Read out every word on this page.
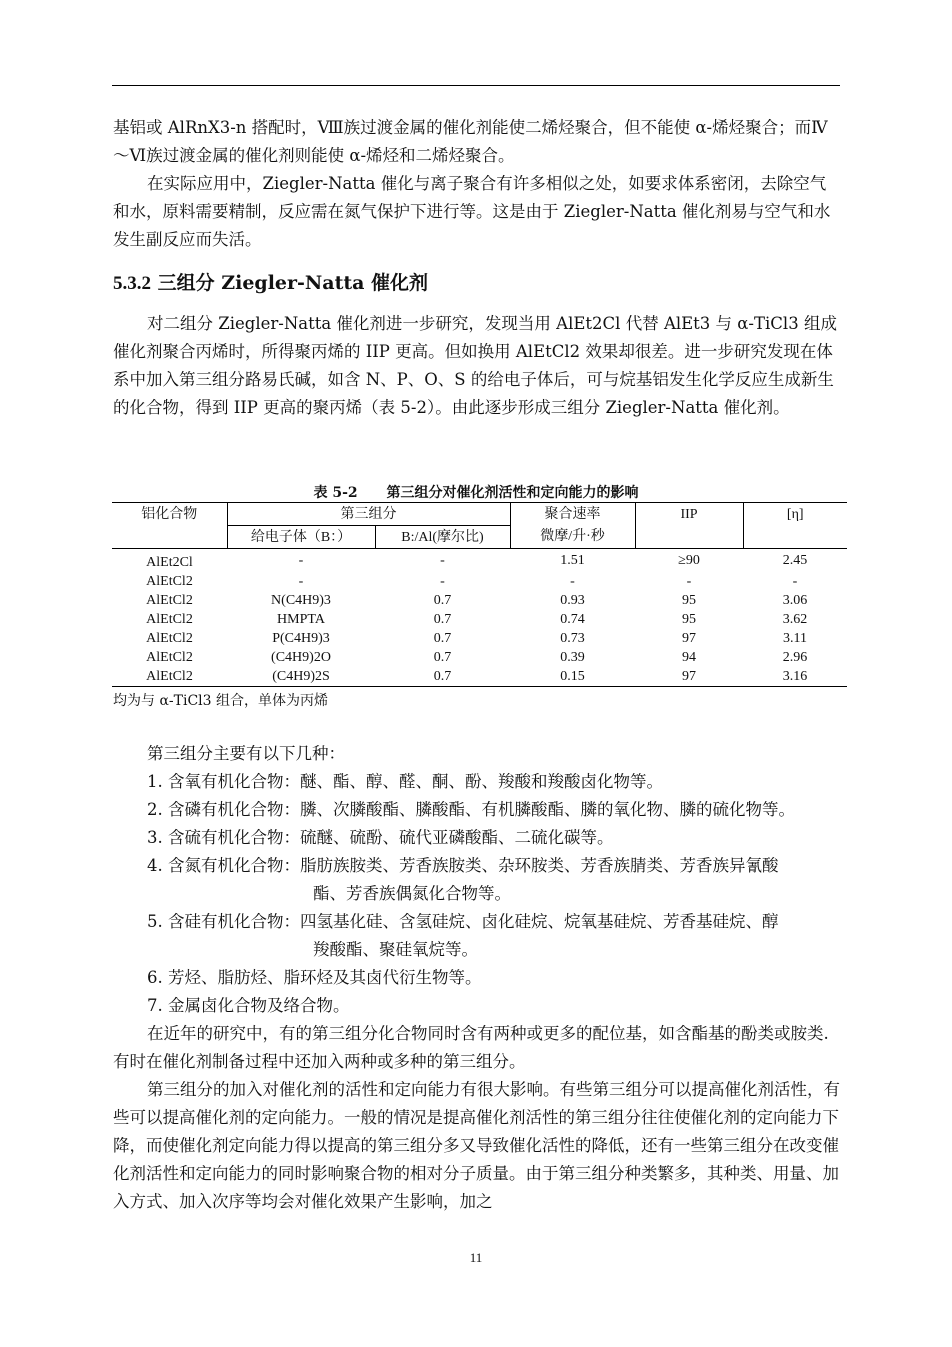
基铝或 AlRnX3-n 搭配时，Ⅷ族过渡金属的催化剂能使二烯烃聚合，但不能使 α-烯烃聚合；而Ⅳ～Ⅵ族过渡金属的催化剂则能使 α-烯烃和二烯烃聚合。

在实际应用中，Ziegler-Natta 催化与离子聚合有许多相似之处，如要求体系密闭，去除空气和水，原料需要精制，反应需在氮气保护下进行等。这是由于 Ziegler-Natta 催化剂易与空气和水发生副反应而失活。

5.3.2 三组分 Ziegler-Natta 催化剂

对二组分 Ziegler-Natta 催化剂进一步研究，发现当用 AlEt2Cl 代替 AlEt3 与 α-TiCl3 组成催化剂聚合丙烯时，所得聚丙烯的 IIP 更高。但如换用 AlEtCl2 效果却很差。进一步研究发现在体系中加入第三组分路易氏碱，如含 N、P、O、S 的给电子体后，可与烷基铝发生化学反应生成新生的化合物，得到 IIP 更高的聚丙烯（表 5-2）。由此逐步形成三组分 Ziegler-Natta 催化剂。

表 5-2 第三组分对催化剂活性和定向能力的影响
铝化合物	第三组分		聚合速率	IIP	[η]
	给电子体（B：）	B:/Al(摩尔比)	微摩/升·秒		
AlEt2Cl	-	-	1.51	≥90	2.45
AlEtCl2	-	-	-	-	-
AlEtCl2	N(C4H9)3	0.7	0.93	95	3.06
AlEtCl2	HMPTA	0.7	0.74	95	3.62
AlEtCl2	P(C4H9)3	0.7	0.73	97	3.11
AlEtCl2	(C4H9)2O	0.7	0.39	94	2.96
AlEtCl2	(C4H9)2S	0.7	0.15	97	3.16
均为与 α-TiCl3 组合，单体为丙烯
第三组分主要有以下几种：
1. 含氧有机化合物：醚、酯、醇、醛、酮、酚、羧酸和羧酸卤化物等。
2. 含磷有机化合物：膦、次膦酸酯、膦酸酯、有机膦酸酯、膦的氧化物、膦的硫化物等。
3. 含硫有机化合物：硫醚、硫酚、硫代亚磷酸酯、二硫化碳等。
4. 含氮有机化合物：脂肪族胺类、芳香族胺类、杂环胺类、芳香族腈类、芳香族异氰酸
酯、芳香族偶氮化合物等。
5. 含硅有机化合物：四氢基化硅、含氢硅烷、卤化硅烷、烷氧基硅烷、芳香基硅烷、醇
羧酸酯、聚硅氧烷等。
6. 芳烃、脂肪烃、脂环烃及其卤代衍生物等。
7. 金属卤化合物及络合物。

在近年的研究中，有的第三组分化合物同时含有两种或更多的配位基，如含酯基的酚类或胺类.有时在催化剂制备过程中还加入两种或多种的第三组分。

第三组分的加入对催化剂的活性和定向能力有很大影响。有些第三组分可以提高催化剂活性，有些可以提高催化剂的定向能力。一般的情况是提高催化剂活性的第三组分往往使催化剂的定向能力下降，而使催化剂定向能力得以提高的第三组分多又导致催化活性的降低，还有一些第三组分在改变催化剂活性和定向能力的同时影响聚合物的相对分子质量。由于第三组分种类繁多，其种类、用量、加入方式、加入次序等均会对催化效果产生影响，加之

11
